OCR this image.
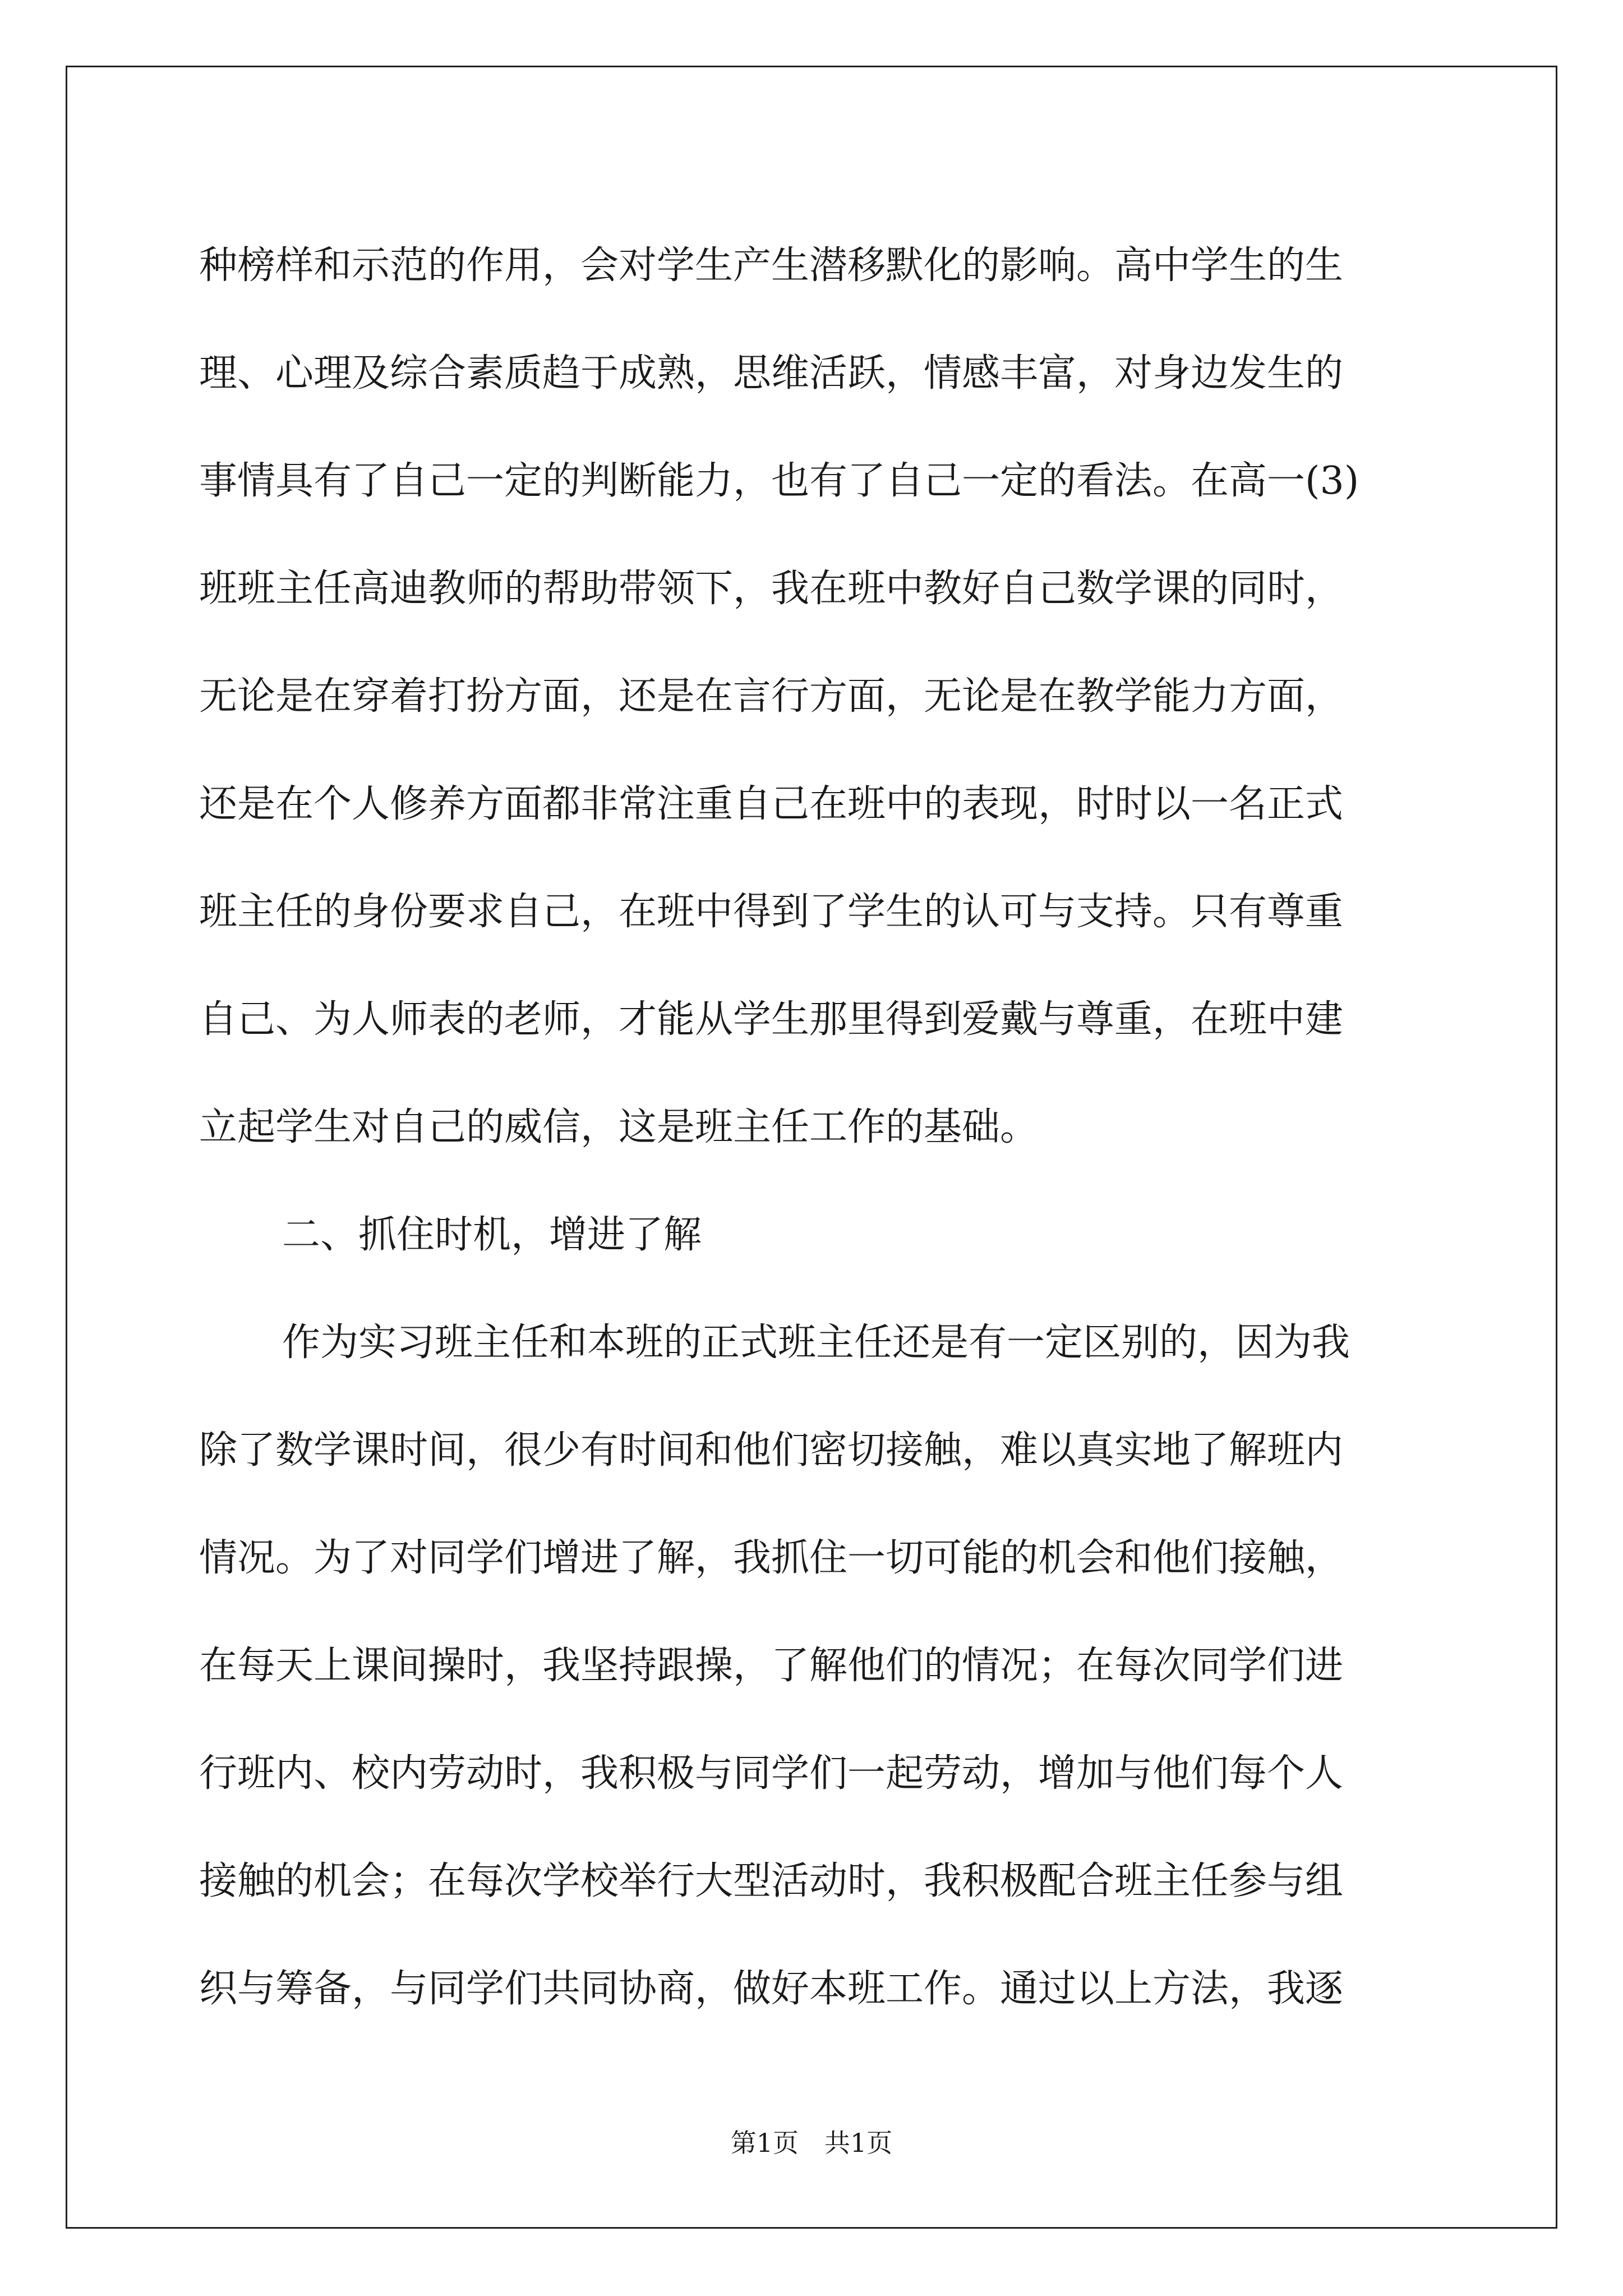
种榜样和示范的作用，会对学生产生潜移默化的影响。高中学生的生
理、心理及综合素质趋于成熟，思维活跃，情感丰富，对身边发生的
事情具有了自己一定的判断能力，也有了自己一定的看法。在高一(3)
班班主任高迪教师的帮助带领下，我在班中教好自己数学课的同时，
无论是在穿着打扮方面，还是在言行方面，无论是在教学能力方面，
还是在个人修养方面都非常注重自己在班中的表现，时时以一名正式
班主任的身份要求自己，在班中得到了学生的认可与支持。只有尊重
自己、为人师表的老师，才能从学生那里得到爱戴与尊重，在班中建
立起学生对自己的威信，这是班主任工作的基础。
二、抓住时机，增进了解
作为实习班主任和本班的正式班主任还是有一定区别的，因为我
除了数学课时间，很少有时间和他们密切接触，难以真实地了解班内
情况。为了对同学们增进了解，我抓住一切可能的机会和他们接触，
在每天上课间操时，我坚持跟操，了解他们的情况；在每次同学们进
行班内、校内劳动时，我积极与同学们一起劳动，增加与他们每个人
接触的机会；在每次学校举行大型活动时，我积极配合班主任参与组
织与筹备，与同学们共同协商，做好本班工作。通过以上方法，我逐
第1页　共1页
